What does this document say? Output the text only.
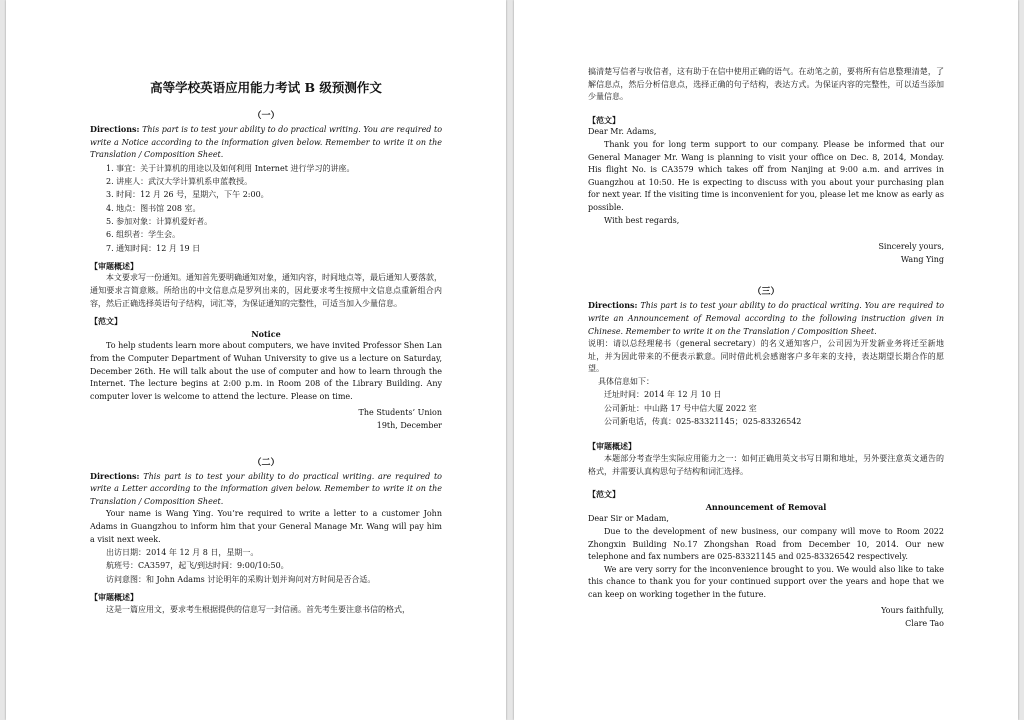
高等学校英语应用能力考试 B 级预测作文
（一）

Directions: This part is to test your ability to do practical writing. You are required to write a Notice according to the information given below. Remember to write it on the Translation / Composition Sheet.

1. 事宜：关于计算机的用途以及如何利用 Internet 进行学习的讲座。
2. 讲座人：武汉大学计算机系申蓝教授。
3. 时间：12 月 26 号，星期六，下午 2:00。
4. 地点：图书馆 208 室。
5. 参加对象：计算机爱好者。
6. 组织者：学生会。
7. 通知时间：12 月 19 日

【审题概述】

本文要求写一份通知。通知首先要明确通知对象，通知内容，时间地点等，最后通知人要落款，通知要求言简意赅。所给出的中文信息点是罗列出来的，因此要求考生按照中文信息点重新组合内容，然后正确选择英语句子结构，词汇等，为保证通知的完整性，可适当加入少量信息。

【范文】

Notice

To help students learn more about computers, we have invited Professor Shen Lan from the Computer Department of Wuhan University to give us a lecture on Saturday, December 26th. He will talk about the use of computer and how to learn through the Internet. The lecture begins at 2:00 p.m. in Room 208 of the Library Building. Any computer lover is welcome to attend the lecture. Please on time.

The Students’ Union

19th, December

（二）

Directions: This part is to test your ability to do practical writing. are required to write a Letter according to the information given below. Remember to write it on the Translation / Composition Sheet.

Your name is Wang Ying. You’re required to write a letter to a customer John Adams in Guangzhou to inform him that your General Manage Mr. Wang will pay him a visit next week.

出访日期：2014 年 12 月 8 日，星期一。
航班号：CA3597，起飞/到达时间：9:00/10:50。
访问意图：和 John Adams 讨论明年的采购计划并询问对方时间是否合适。

【审题概述】

这是一篇应用文，要求考生根据提供的信息写一封信函。首先考生要注意书信的格式，

搞清楚写信者与收信者，这有助于在信中使用正确的语气。在动笔之前，要将所有信息整理清楚，了解信息点，然后分析信息点，选择正确的句子结构，表达方式。为保证内容的完整性，可以适当添加少量信息。

【范文】

Dear Mr. Adams,

Thank you for long term support to our company. Please be informed that our General Manager Mr. Wang is planning to visit your office on Dec. 8, 2014, Monday. His flight No. is CA3579 which takes off from Nanjing at 9:00 a.m. and arrives in Guangzhou at 10:50. He is expecting to discuss with you about your purchasing plan for next year. If the visiting time is inconvenient for you, please let me know as early as possible.

With best regards,

Sincerely yours,

Wang Ying

（三）

Directions: This part is to test your ability to do practical writing. You are required to write an Announcement of Removal according to the following instruction given in Chinese. Remember to write it on the Translation / Composition Sheet.

说明：请以总经理秘书（general secretary）的名义通知客户，公司因为开发新业务将迁至新地址，并为因此带来的不便表示歉意。同时借此机会感谢客户多年来的支持，表达期望长期合作的愿望。

具体信息如下：

迁址时间：2014 年 12 月 10 日
公司新址：中山路 17 号中信大厦 2022 室
公司新电话，传真：025-83321145；025-83326542

【审题概述】

本题部分考查学生实际应用能力之一：如何正确用英文书写日期和地址，另外要注意英文通告的格式，并需要认真构思句子结构和词汇选择。

【范文】

Announcement of Removal

Dear Sir or Madam,

Due to the development of new business, our company will move to Room 2022 Zhongxin Building No.17 Zhongshan Road from December 10, 2014. Our new telephone and fax numbers are 025-83321145 and 025-83326542 respectively.

We are very sorry for the inconvenience brought to you. We would also like to take this chance to thank you for your continued support over the years and hope that we can keep on working together in the future.

Yours faithfully,

Clare Tao
